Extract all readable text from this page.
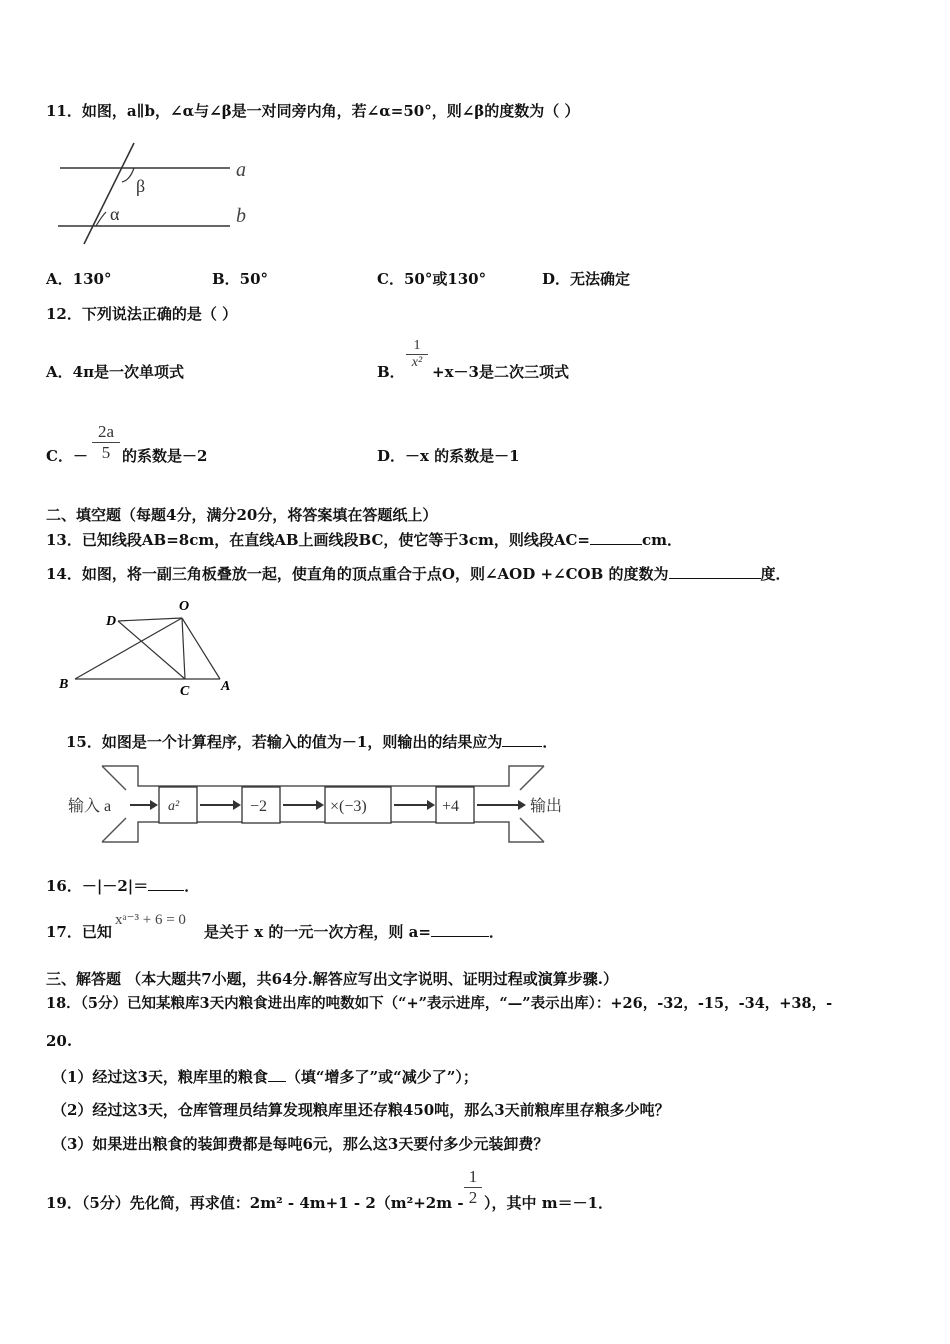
11．如图，a∥b，∠α与∠β是一对同旁内角，若∠α=50°，则∠β的度数为（ ）
β
α
a
b
A．130°	B．50°	C．50°或130°	D．无法确定
12．下列说法正确的是（ ）
A．4π是一次单项式	B．
1
x²
+x－3是二次三项式
C．－
2a
5 的系数是－2	D．－x 的系数是－1
二、填空题（每题4分，满分20分，将答案填在答题纸上）
13．已知线段AB=8cm，在直线AB上画线段BC，使它等于3cm，则线段AC=	cm．
14．如图，将一副三角板叠放一起，使直角的顶点重合于点O，则∠AOD +∠COB 的度数为	度．
O
D
B	C A
15．如图是一个计算程序，若输入的值为－1，则输出的结果应为	．
输入 a	a²	−2	×(−3)	+4	输出
16．－|－2|＝ ．
17．已知
xᵃ⁻³ + 6 = 0
是关于 x 的一元一次方程，则 a=	．
三、解答题 （本大题共7小题，共64分.解答应写出文字说明、证明过程或演算步骤.）
18．（5分）已知某粮库3天内粮食进出库的吨数如下（“+”表示进库，“—”表示出库）：+26，-32，-15，-34，+38，-
20.
（1）经过这3天，粮库里的粮食 （填“增多了”或“减少了”）；
（2）经过这3天，仓库管理员结算发现粮库里还存粮450吨，那么3天前粮库里存粮多少吨？
（3）如果进出粮食的装卸费都是每吨6元，那么这3天要付多少元装卸费？
19．（5分）先化简，再求值：2m² - 4m+1 - 2（m²+2m -
1
2 ），其中 m＝－1．
